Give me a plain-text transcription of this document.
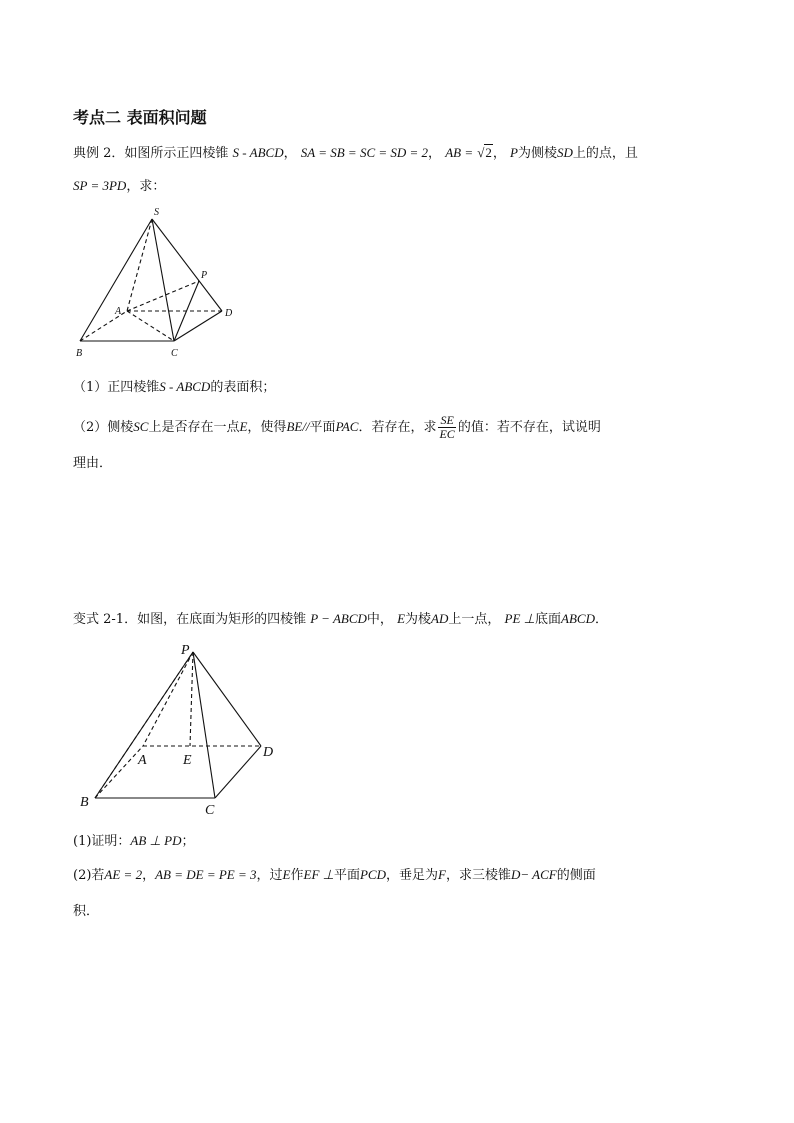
考点二 表面积问题
典例 2．如图所示正四棱锥 S - ABCD， SA = SB = SC = SD = 2， AB = √2， P为侧棱SD上的点，且
SP = 3PD，求：
S
P
A	D
B	C
（1）正四棱锥S - ABCD的表面积；
（2）侧棱SC上是否存在一点E，使得BE//平面PAC．若存在，求 $\frac{SE}{EC}$ 的值：若不存在，试说明
理由．
变式 2-1．如图，在底面为矩形的四棱锥 P − ABCD中， E为棱AD上一点， PE ⊥底面ABCD．
P
A	E
D
B
C
(1)证明：AB ⊥ PD；
(2)若AE = 2，AB = DE = PE = 3，过E作EF ⊥平面PCD，垂足为F，求三棱锥D− ACF的侧面
积．
